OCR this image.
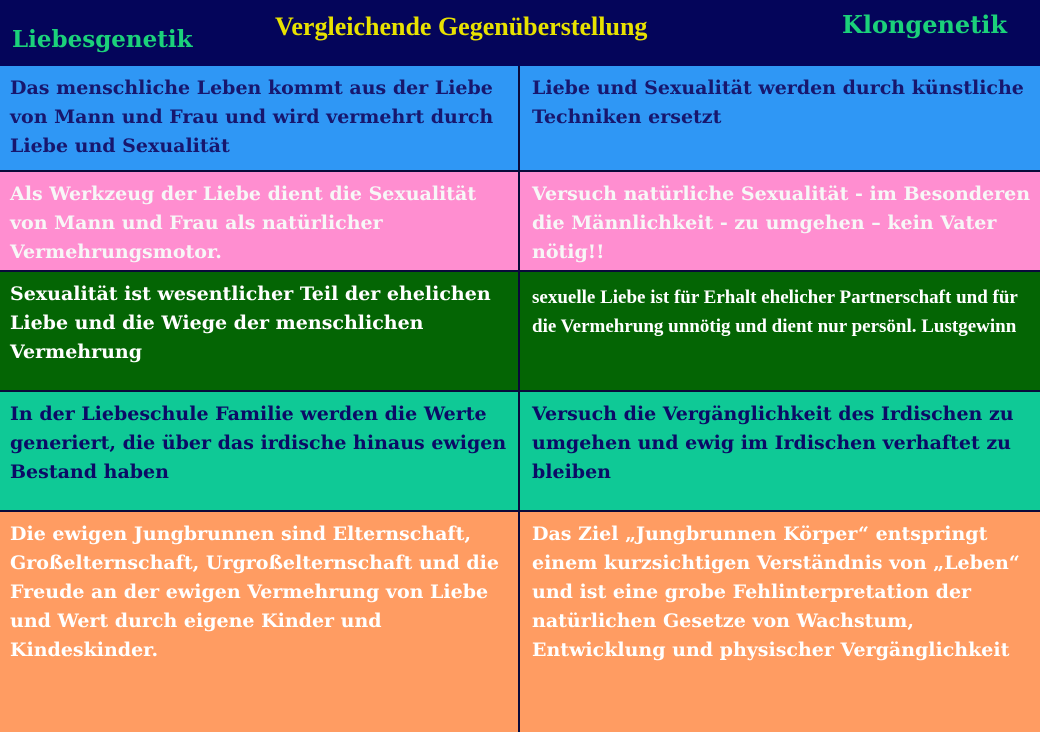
Vergleichende Gegenüberstellung
Liebesgenetik
Klongenetik
Das menschliche Leben kommt aus der Liebe von Mann und Frau und wird vermehrt durch Liebe und Sexualität
Liebe und Sexualität werden durch künstliche Techniken ersetzt
Als Werkzeug der Liebe dient die Sexualität von Mann und Frau als natürlicher Vermehrungsmotor.
Versuch natürliche Sexualität - im Besonderen die Männlichkeit - zu umgehen – kein Vater nötig!!
Sexualität ist wesentlicher Teil der ehelichen Liebe und die Wiege der menschlichen Vermehrung
sexuelle Liebe ist für Erhalt ehelicher Partnerschaft und für die Vermehrung unnötig und dient nur persönl. Lustgewinn
In der Liebeschule Familie werden die Werte generiert, die über das irdische hinaus ewigen Bestand haben
Versuch die Vergänglichkeit des Irdischen zu umgehen und ewig im Irdischen verhaftet zu bleiben
Die ewigen Jungbrunnen sind Elternschaft, Großelternschaft, Urgroßelternschaft und die Freude an der ewigen Vermehrung von Liebe und Wert durch eigene Kinder und Kindeskinder.
Das Ziel „Jungbrunnen Körper“ entspringt einem kurzsichtigen Verständnis von „Leben“ und ist eine grobe Fehlinterpretation der natürlichen Gesetze von Wachstum, Entwicklung und physischer Vergänglichkeit
